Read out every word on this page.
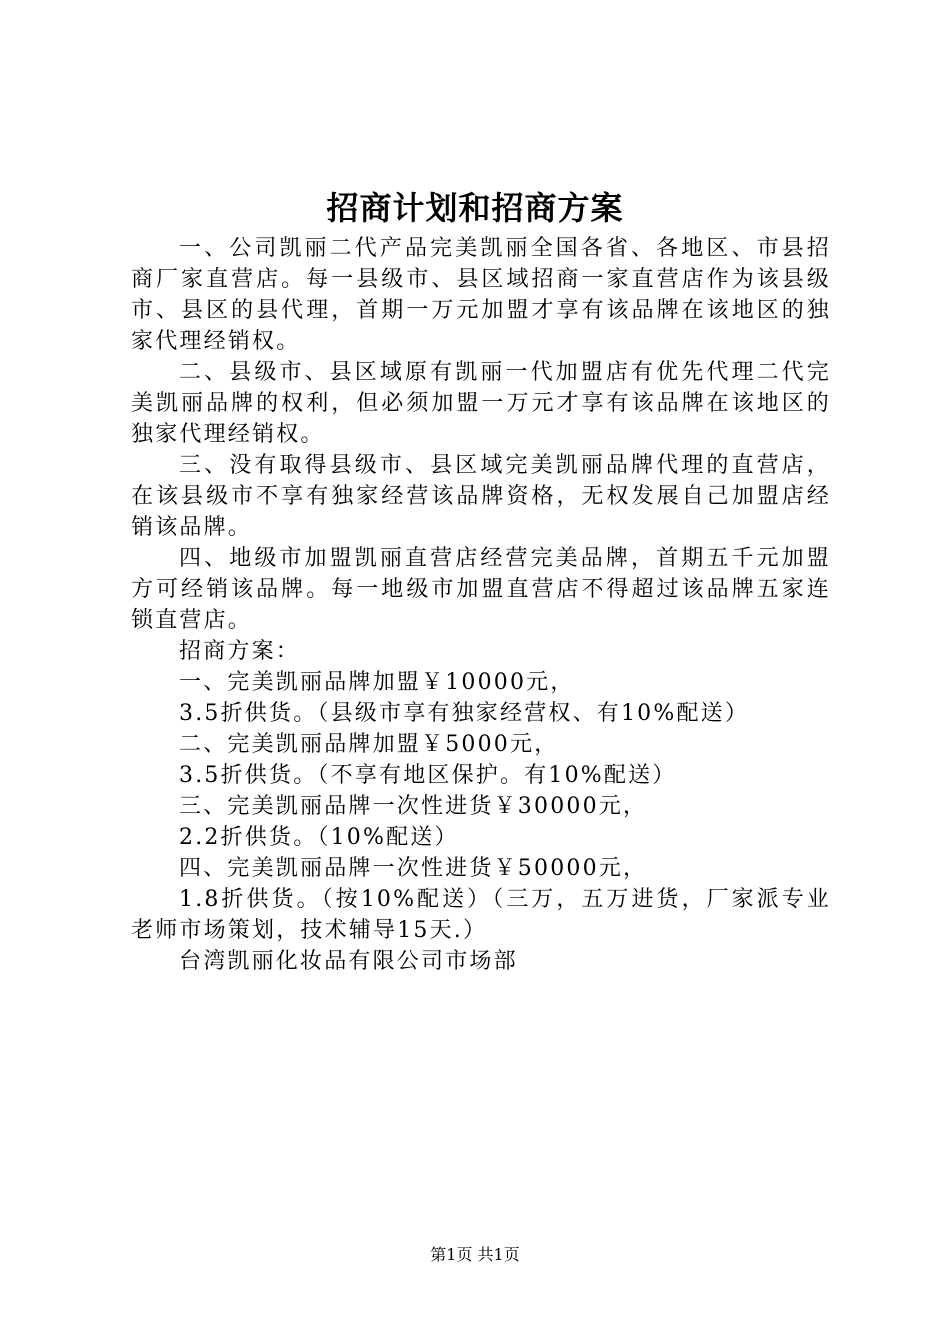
招商计划和招商方案

一、公司凯丽二代产品完美凯丽全国各省、各地区、市县招商厂家直营店。每一县级市、县区域招商一家直营店作为该县级市、县区的县代理，首期一万元加盟才享有该品牌在该地区的独家代理经销权。

二、县级市、县区域原有凯丽一代加盟店有优先代理二代完美凯丽品牌的权利，但必须加盟一万元才享有该品牌在该地区的独家代理经销权。

三、没有取得县级市、县区域完美凯丽品牌代理的直营店，在该县级市不享有独家经营该品牌资格，无权发展自己加盟店经销该品牌。

四、地级市加盟凯丽直营店经营完美品牌，首期五千元加盟方可经销该品牌。每一地级市加盟直营店不得超过该品牌五家连锁直营店。

招商方案：

一、完美凯丽品牌加盟￥10000元，

3.5折供货。（县级市享有独家经营权、有10%配送）

二、完美凯丽品牌加盟￥5000元，

3.5折供货。（不享有地区保护。有10%配送）

三、完美凯丽品牌一次性进货￥30000元，

2.2折供货。（10%配送）

四、完美凯丽品牌一次性进货￥50000元，

1.8折供货。（按10%配送）（三万，五万进货，厂家派专业老师市场策划，技术辅导15天.）

台湾凯丽化妆品有限公司市场部

第1页 共1页
